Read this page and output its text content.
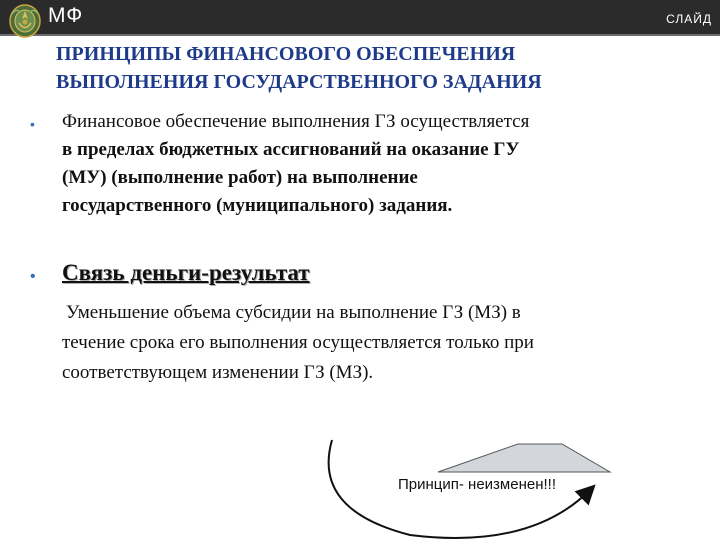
МФ	СЛАЙД
ПРИНЦИПЫ ФИНАНСОВОГО ОБЕСПЕЧЕНИЯ
ВЫПОЛНЕНИЯ ГОСУДАРСТВЕННОГО ЗАДАНИЯ
• Финансовое обеспечение выполнения ГЗ осуществляется
в пределах бюджетных ассигнований на оказание ГУ
(МУ) (выполнение работ) на выполнение
государственного (муниципального) задания.
• Связь деньги-результат
Уменьшение объема субсидии на выполнение ГЗ (МЗ) в
течение срока его выполнения осуществляется только при
соответствующем изменении ГЗ (МЗ).
Принцип- неизменен!!!
